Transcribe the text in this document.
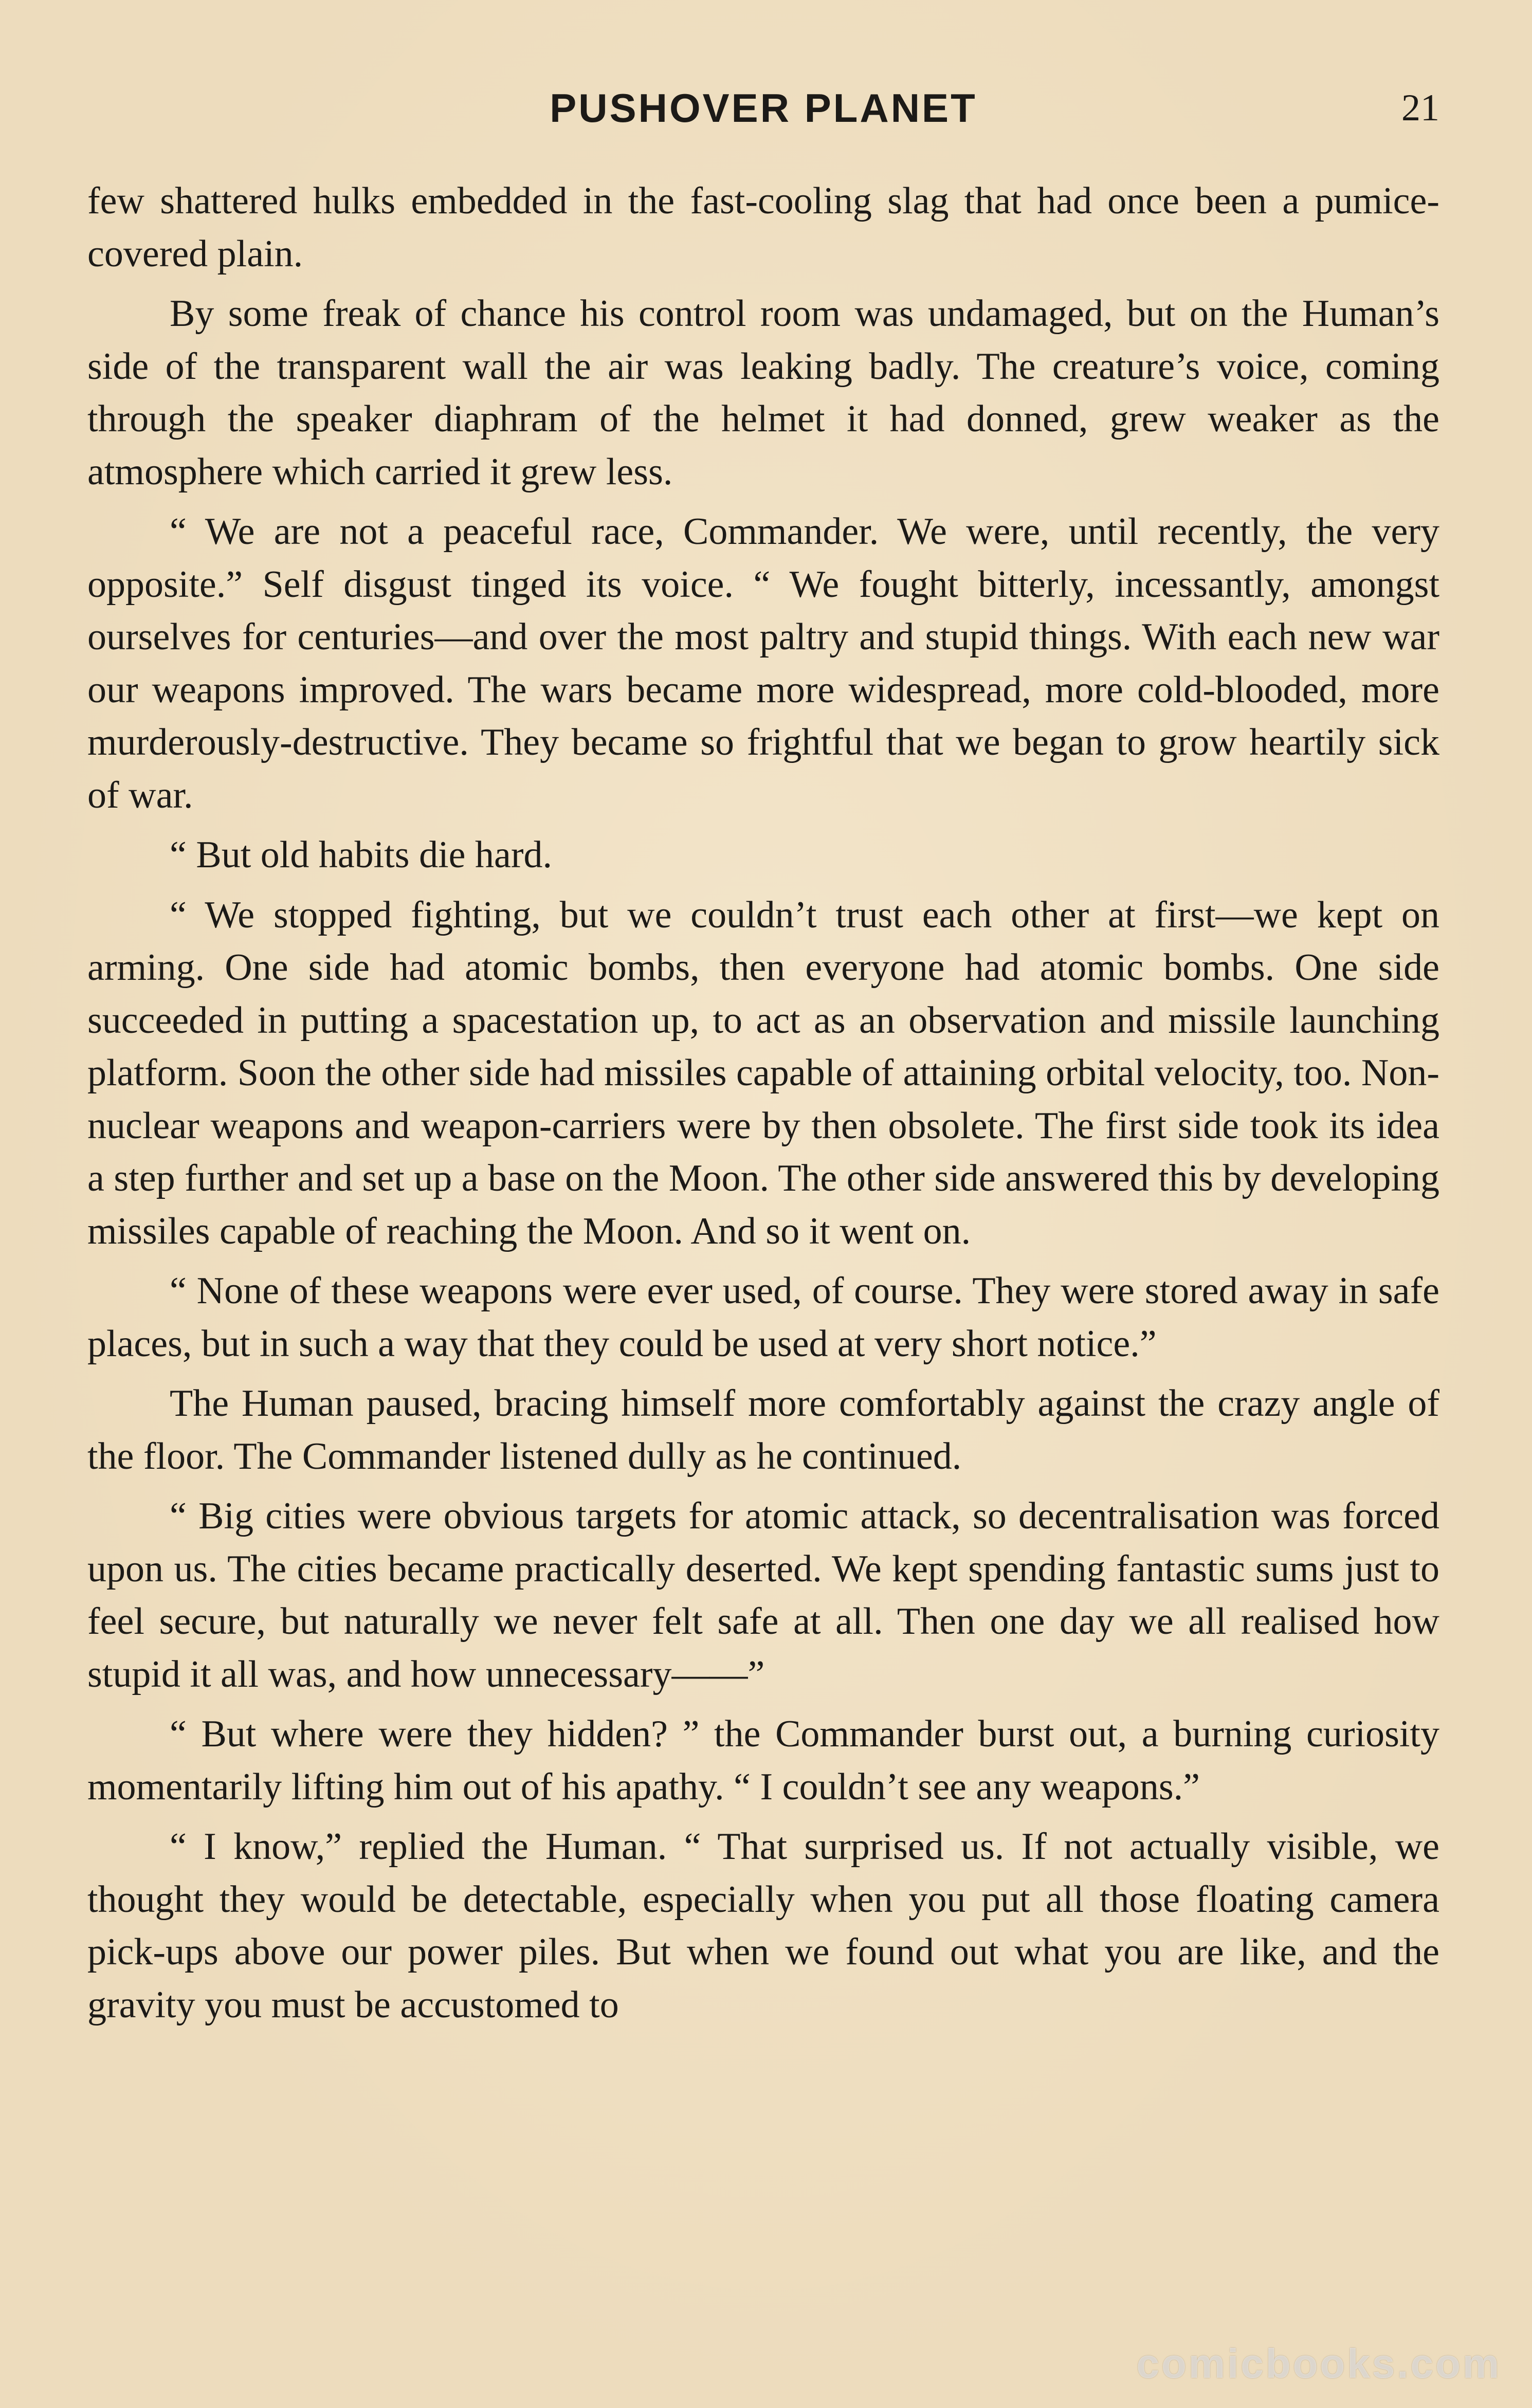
PUSHOVER PLANET	21

few shattered hulks embedded in the fast-cooling slag that had once been a pumice-covered plain.

By some freak of chance his control room was undamaged, but on the Human’s side of the transparent wall the air was leaking badly. The creature’s voice, coming through the speaker diaphram of the helmet it had donned, grew weaker as the atmosphere which carried it grew less.

“ We are not a peaceful race, Commander. We were, until recently, the very opposite.” Self disgust tinged its voice. “ We fought bitterly, incessantly, amongst ourselves for centuries—and over the most paltry and stupid things. With each new war our weapons improved. The wars became more widespread, more cold-blooded, more murderously-destructive. They became so frightful that we began to grow heartily sick of war.

“ But old habits die hard.

“ We stopped fighting, but we couldn’t trust each other at first—we kept on arming. One side had atomic bombs, then everyone had atomic bombs. One side succeeded in putting a spacestation up, to act as an observation and missile launching platform. Soon the other side had missiles capable of attaining orbital velocity, too. Non-nuclear weapons and weapon-carriers were by then obsolete. The first side took its idea a step further and set up a base on the Moon. The other side answered this by developing missiles capable of reaching the Moon. And so it went on.

“ None of these weapons were ever used, of course. They were stored away in safe places, but in such a way that they could be used at very short notice.”

The Human paused, bracing himself more comfortably against the crazy angle of the floor. The Commander listened dully as he continued.

“ Big cities were obvious targets for atomic attack, so decentralisation was forced upon us. The cities became practically deserted. We kept spending fantastic sums just to feel secure, but naturally we never felt safe at all. Then one day we all realised how stupid it all was, and how unnecessary——”

“ But where were they hidden? ” the Commander burst out, a burning curiosity momentarily lifting him out of his apathy. “ I couldn’t see any weapons.”

“ I know,” replied the Human. “ That surprised us. If not actually visible, we thought they would be detectable, especially when you put all those floating camera pick-ups above our power piles. But when we found out what you are like, and the gravity you must be accustomed to

comicbooks.com
